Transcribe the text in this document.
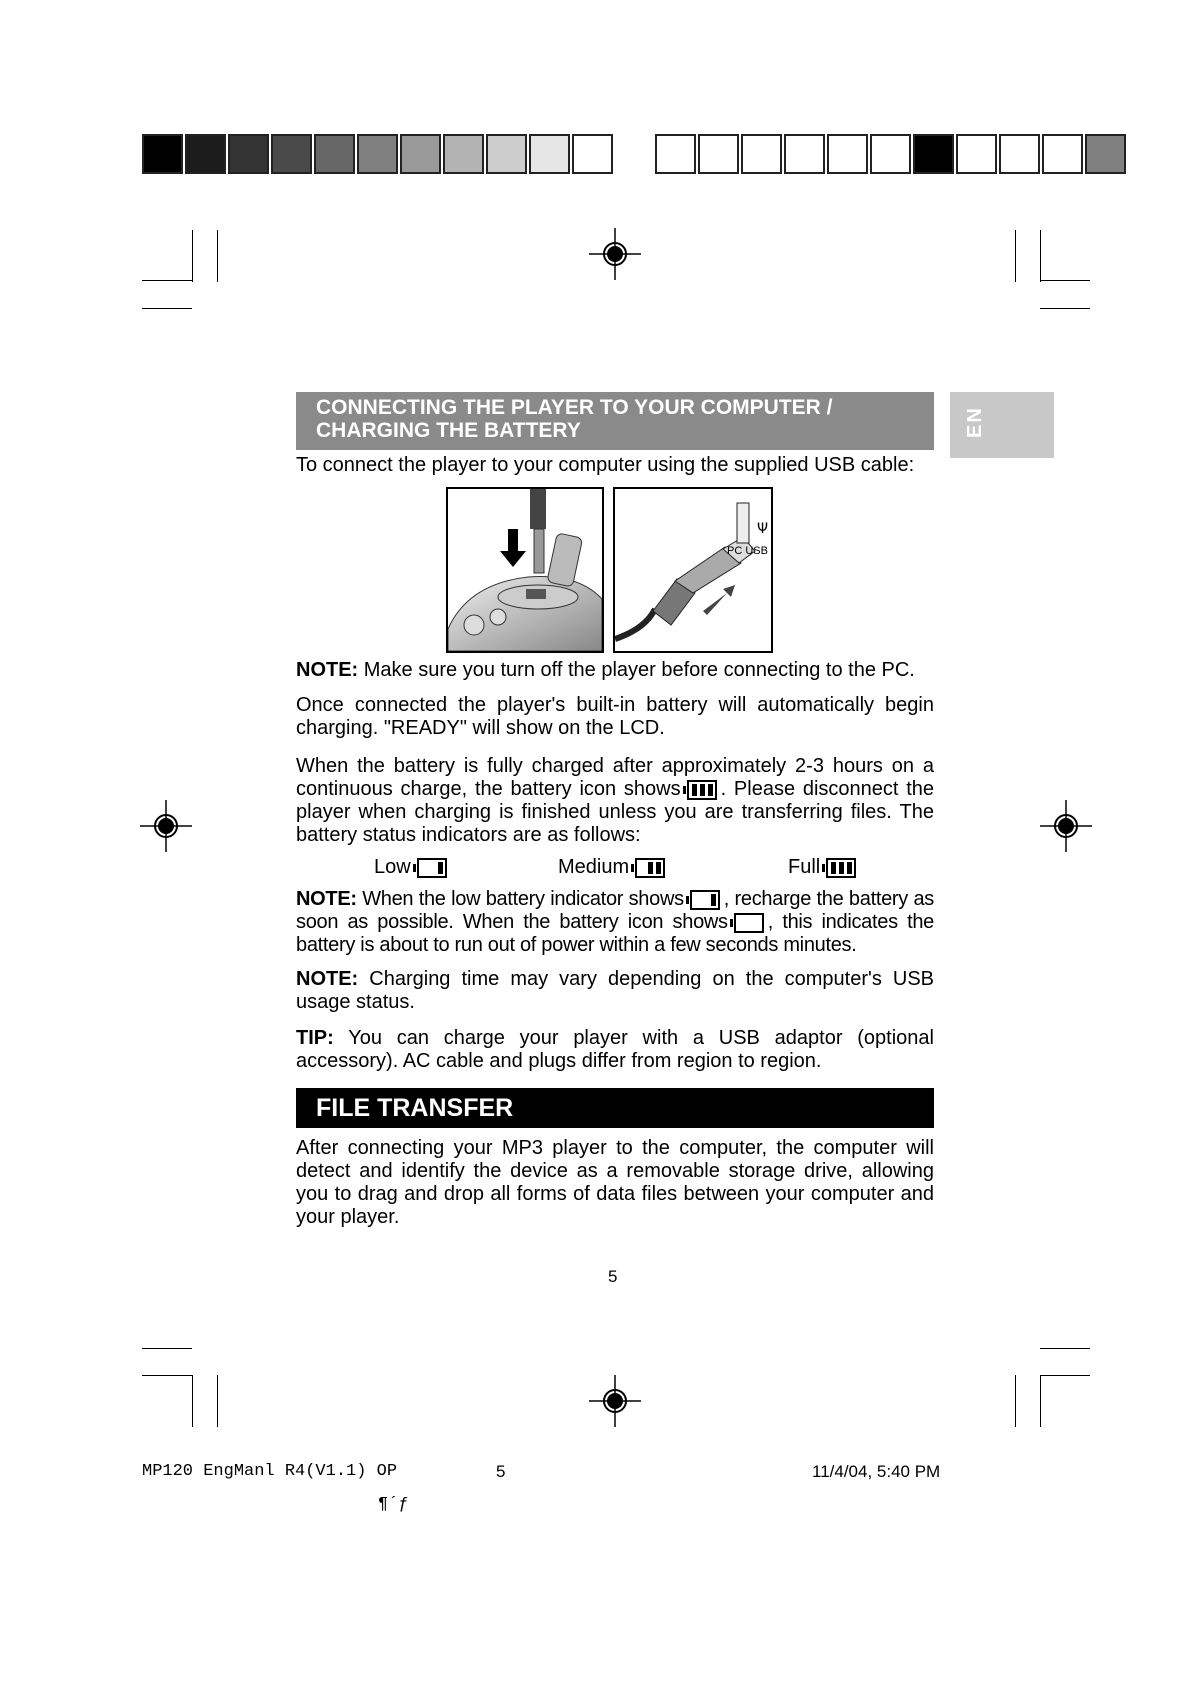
EN
CONNECTING THE PLAYER TO YOUR COMPUTER /
CHARGING THE BATTERY
To connect the player to your computer using the supplied USB cable:
Ψ
PC USB
NOTE: Make sure you turn off the player before connecting to the PC.
Once connected the player's built-in battery will automatically begin charging. "READY" will show on the LCD.
When the battery is fully charged after approximately 2-3 hours on a continuous charge, the battery icon shows . Please disconnect the player when charging is finished unless you are transferring files. The battery status indicators are as follows:
Low	Medium	Full
NOTE: When the low battery indicator shows , recharge the battery as soon as possible. When the battery icon shows , this indicates the battery is about to run out of power within a few seconds minutes.
NOTE: Charging time may vary depending on the computer's USB usage status.
TIP: You can charge your player with a USB adaptor (optional accessory). AC cable and plugs differ from region to region.
FILE TRANSFER
After connecting your MP3 player to the computer, the computer will detect and identify the device as a removable storage drive, allowing you to drag and drop all forms of data files between your computer and your player.
5
MP120 EngManl R4(V1.1) OP	5	11/4/04, 5:40 PM
¶´ƒ
